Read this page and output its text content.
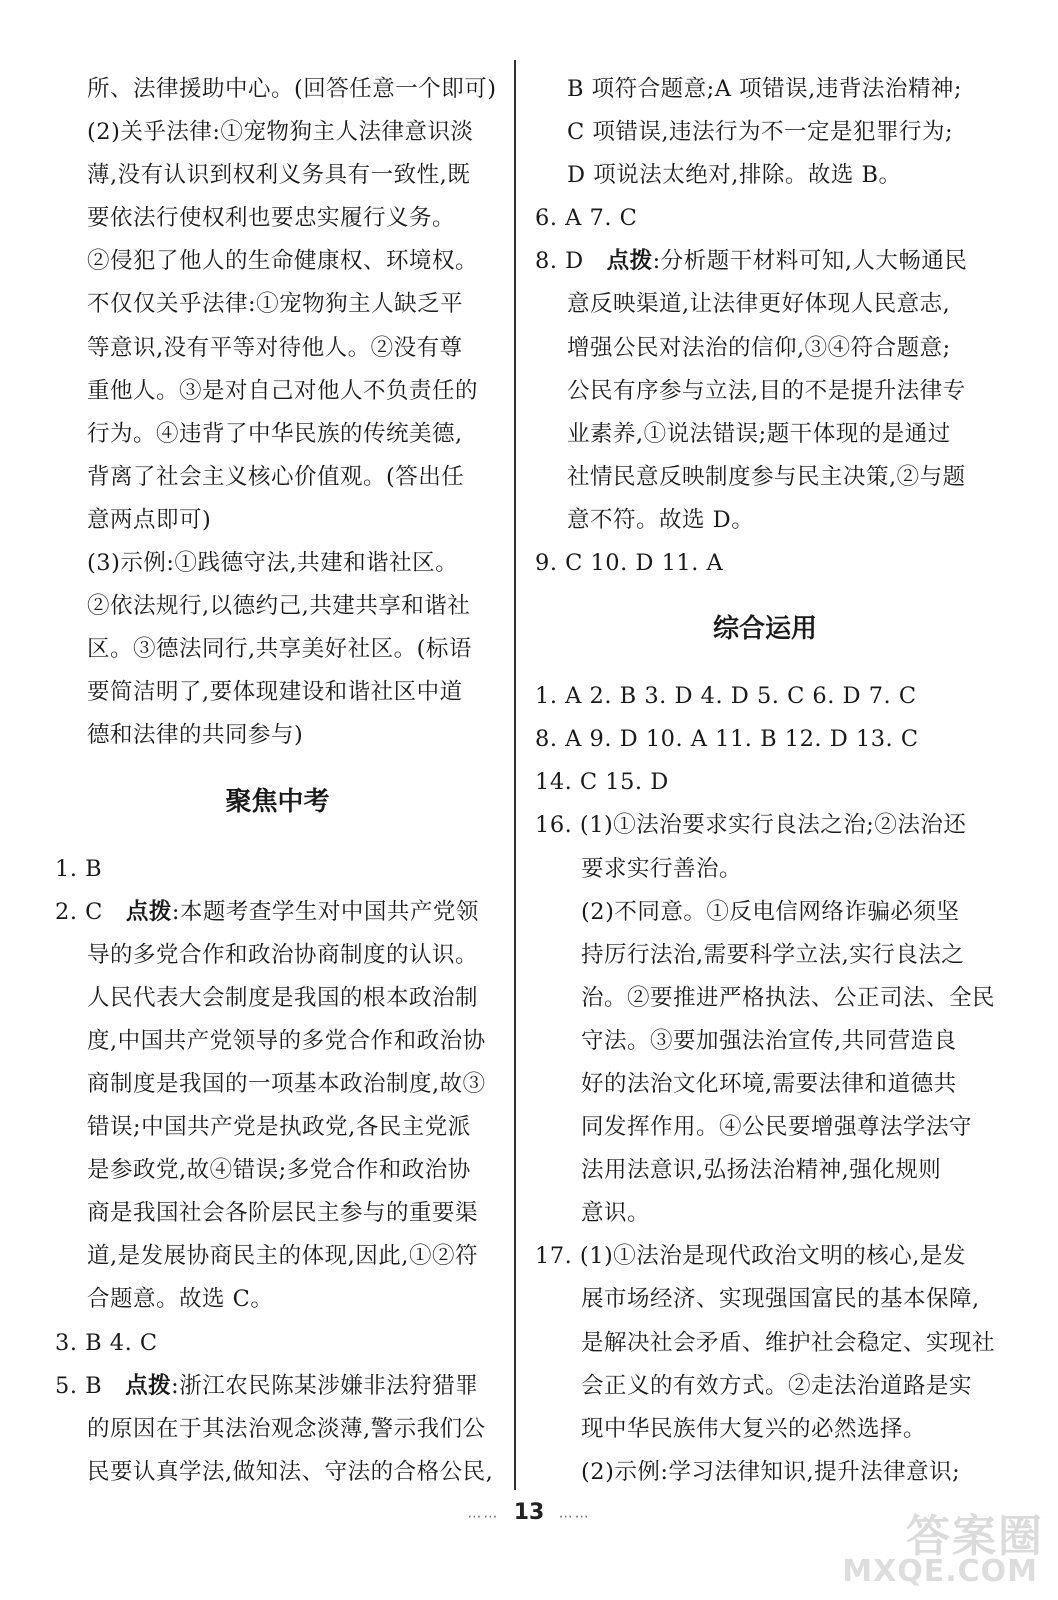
所、法律援助中心。(回答任意一个即可)
(2)关乎法律:①宠物狗主人法律意识淡
薄,没有认识到权利义务具有一致性,既
要依法行使权利也要忠实履行义务。
②侵犯了他人的生命健康权、环境权。
不仅仅关乎法律:①宠物狗主人缺乏平
等意识,没有平等对待他人。②没有尊
重他人。③是对自己对他人不负责任的
行为。④违背了中华民族的传统美德,
背离了社会主义核心价值观。(答出任
意两点即可)
(3)示例:①践德守法,共建和谐社区。
②依法规行,以德约己,共建共享和谐社
区。③德法同行,共享美好社区。(标语
要简洁明了,要体现建设和谐社区中道
德和法律的共同参与)
聚焦中考
1. B
2. C 点拨:本题考查学生对中国共产党领
导的多党合作和政治协商制度的认识。
人民代表大会制度是我国的根本政治制
度,中国共产党领导的多党合作和政治协
商制度是我国的一项基本政治制度,故③
错误;中国共产党是执政党,各民主党派
是参政党,故④错误;多党合作和政治协
商是我国社会各阶层民主参与的重要渠
道,是发展协商民主的体现,因此,①②符
合题意。故选 C。
3. B 4. C
5. B 点拨:浙江农民陈某涉嫌非法狩猎罪
的原因在于其法治观念淡薄,警示我们公
民要认真学法,做知法、守法的合格公民,
B 项符合题意;A 项错误,违背法治精神;
C 项错误,违法行为不一定是犯罪行为;
D 项说法太绝对,排除。故选 B。
6. A 7. C
8. D 点拨:分析题干材料可知,人大畅通民
意反映渠道,让法律更好体现人民意志,
增强公民对法治的信仰,③④符合题意;
公民有序参与立法,目的不是提升法律专
业素养,①说法错误;题干体现的是通过
社情民意反映制度参与民主决策,②与题
意不符。故选 D。
9. C 10. D 11. A
综合运用
1. A 2. B 3. D 4. D 5. C 6. D 7. C
8. A 9. D 10. A 11. B 12. D 13. C
14. C 15. D
16. (1)①法治要求实行良法之治;②法治还
要求实行善治。
(2)不同意。①反电信网络诈骗必须坚
持厉行法治,需要科学立法,实行良法之
治。②要推进严格执法、公正司法、全民
守法。③要加强法治宣传,共同营造良
好的法治文化环境,需要法律和道德共
同发挥作用。④公民要增强尊法学法守
法用法意识,弘扬法治精神,强化规则
意识。
17. (1)①法治是现代政治文明的核心,是发
展市场经济、实现强国富民的基本保障,
是解决社会矛盾、维护社会稳定、实现社
会正义的有效方式。②走法治道路是实
现中华民族伟大复兴的必然选择。
(2)示例:学习法律知识,提升法律意识;
…… 13 ……	答案圈
MXQE.COM
